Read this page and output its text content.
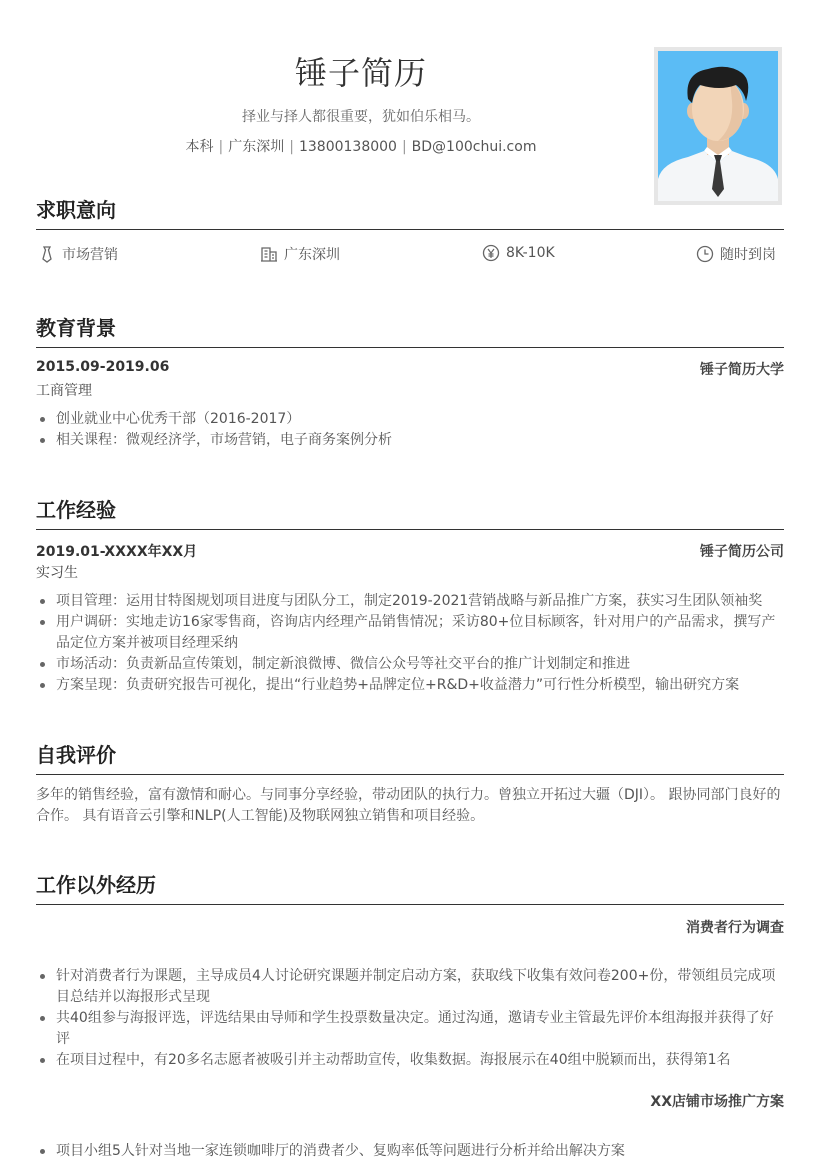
锤子简历
择业与择人都很重要，犹如伯乐相马。
本科 | 广东深圳 | 13800138000 | BD@100chui.com
求职意向
市场营销	广东深圳	8K-10K	随时到岗
教育背景
2015.09-2019.06	锤子简历大学
工商管理
创业就业中心优秀干部（2016-2017）
相关课程：微观经济学，市场营销，电子商务案例分析
工作经验
2019.01-XXXX年XX月	锤子简历公司
实习生
项目管理：运用甘特图规划项目进度与团队分工，制定2019-2021营销战略与新品推广方案，获实习生团队领袖奖
用户调研：实地走访16家零售商，咨询店内经理产品销售情况；采访80+位目标顾客，针对用户的产品需求，撰写产品定位方案并被项目经理采纳
市场活动：负责新品宣传策划，制定新浪微博、微信公众号等社交平台的推广计划制定和推进
方案呈现：负责研究报告可视化，提出“行业趋势+品牌定位+R&D+收益潜力”可行性分析模型，输出研究方案
自我评价
多年的销售经验，富有激情和耐心。与同事分享经验，带动团队的执行力。曾独立开拓过大疆（DJI）。 跟协同部门良好的合作。 具有语音云引擎和NLP(人工智能)及物联网独立销售和项目经验。
工作以外经历
消费者行为调查
针对消费者行为课题，主导成员4人讨论研究课题并制定启动方案，获取线下收集有效问卷200+份，带领组员完成项目总结并以海报形式呈现
共40组参与海报评选，评选结果由导师和学生投票数量决定。通过沟通，邀请专业主管最先评价本组海报并获得了好评
在项目过程中，有20多名志愿者被吸引并主动帮助宣传，收集数据。海报展示在40组中脱颖而出，获得第1名
XX店铺市场推广方案
项目小组5人针对当地一家连锁咖啡厅的消费者少、复购率低等问题进行分析并给出解决方案
